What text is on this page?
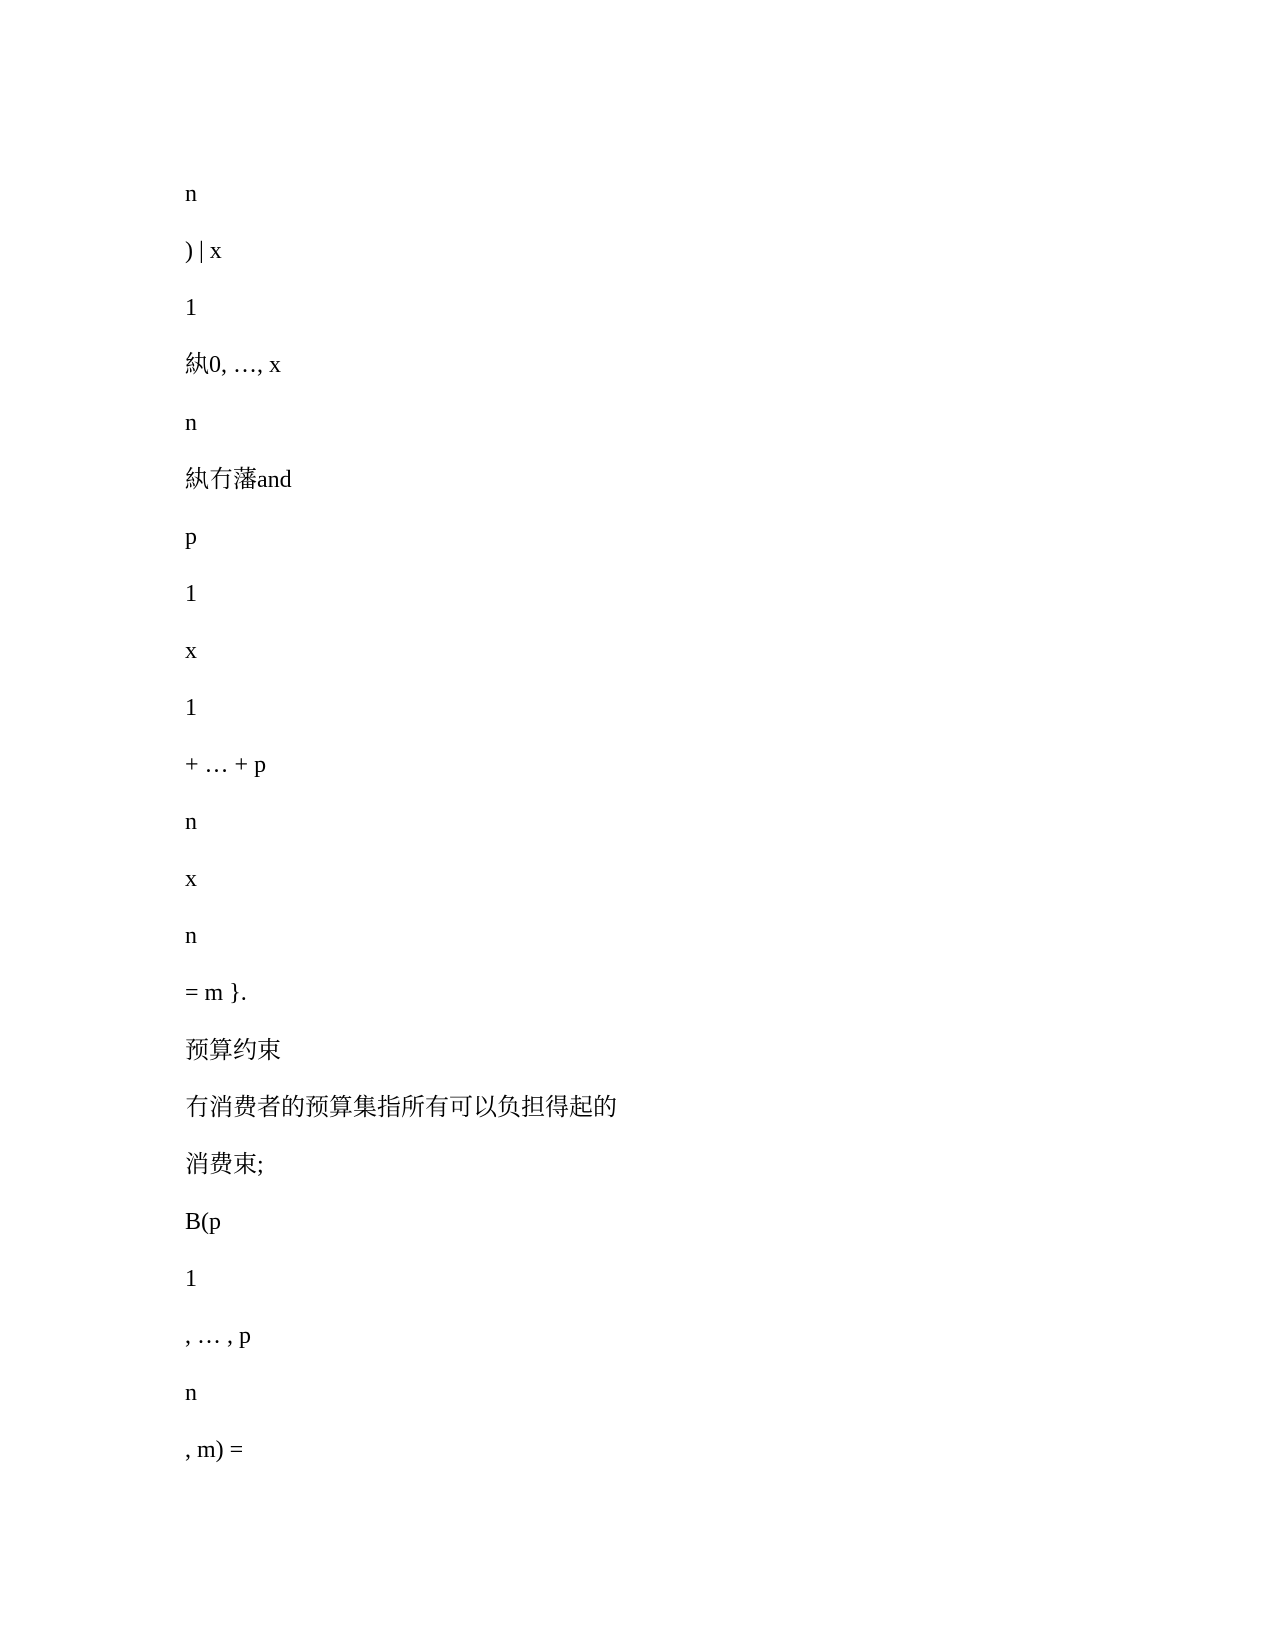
n

) | x

1

紈0, …, x

n

紈冇藩and

p

1

x

1

+ … + p

n

x

n

= m }.

预算约束

冇消费者的预算集指所有可以负担得起的

消费束;

B(p

1

, … , p

n

, m) =
